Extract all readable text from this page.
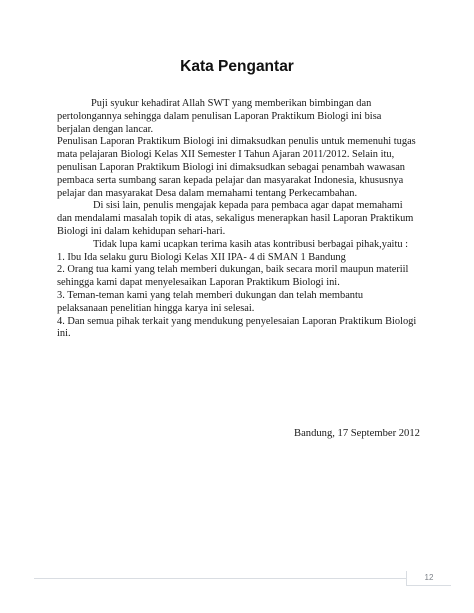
Kata Pengantar
Puji syukur kehadirat Allah SWT yang memberikan bimbingan dan
pertolongannya sehingga dalam penulisan Laporan Praktikum Biologi ini bisa
berjalan dengan lancar.
Penulisan Laporan Praktikum Biologi ini dimaksudkan penulis untuk memenuhi tugas
mata pelajaran Biologi Kelas XII Semester I Tahun Ajaran 2011/2012. Selain itu,
penulisan Laporan Praktikum Biologi ini dimaksudkan sebagai penambah wawasan
pembaca serta sumbang saran kepada pelajar dan masyarakat Indonesia, khususnya
pelajar dan masyarakat Desa dalam memahami tentang Perkecambahan.
Di sisi lain, penulis mengajak kepada para pembaca agar dapat memahami
dan mendalami masalah topik di atas, sekaligus menerapkan hasil Laporan Praktikum
Biologi ini dalam kehidupan sehari-hari.
Tidak lupa kami ucapkan terima kasih atas kontribusi berbagai pihak,yaitu :
1. Ibu Ida selaku guru Biologi Kelas XII IPA- 4 di SMAN 1 Bandung
2. Orang tua kami yang telah memberi dukungan, baik secara moril maupun materiil
sehingga kami dapat menyelesaikan Laporan Praktikum Biologi ini.
3. Teman-teman kami yang telah memberi dukungan dan telah membantu
pelaksanaan penelitian hingga karya ini selesai.
4. Dan semua pihak terkait yang mendukung penyelesaian Laporan Praktikum Biologi
ini.
Bandung, 17 September 2012
12
